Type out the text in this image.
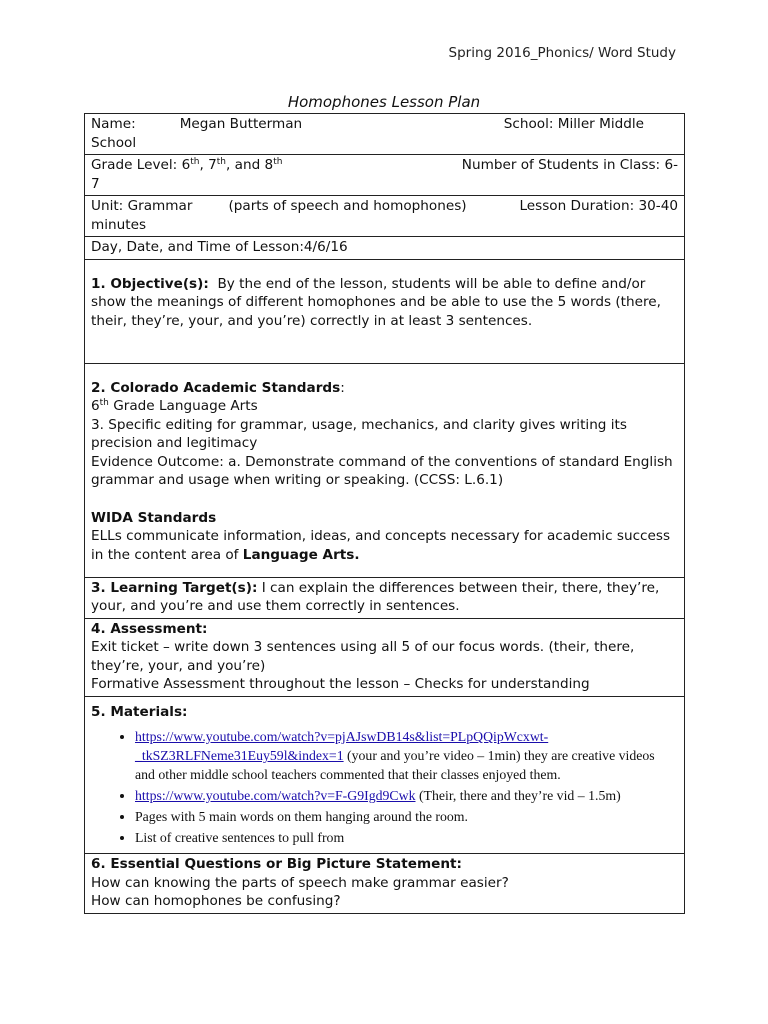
Spring 2016_Phonics/ Word Study
Homophones Lesson Plan
Name:	Megan Butterman	School: Miller Middle
School

Grade Level: 6th, 7th, and 8th	Number of Students in Class: 6-
7

Unit: Grammar	(parts of speech and homophones)	Lesson Duration: 30-40
minutes

Day, Date, and Time of Lesson:4/6/16

1. Objective(s): By the end of the lesson, students will be able to define and/or show the meanings of different homophones and be able to use the 5 words (there, their, they’re, your, and you’re) correctly in at least 3 sentences.

2. Colorado Academic Standards:
6th Grade Language Arts
3. Specific editing for grammar, usage, mechanics, and clarity gives writing its precision and legitimacy
Evidence Outcome: a. Demonstrate command of the conventions of standard English grammar and usage when writing or speaking. (CCSS: L.6.1)
WIDA Standards
ELLs communicate information, ideas, and concepts necessary for academic success in the content area of Language Arts.

3. Learning Target(s): I can explain the differences between their, there, they’re, your, and you’re and use them correctly in sentences.

4. Assessment:
Exit ticket – write down 3 sentences using all 5 of our focus words. (their, there, they’re, your, and you’re)
Formative Assessment throughout the lesson – Checks for understanding

5. Materials:
• https://www.youtube.com/watch?v=pjAJswDB14s&list=PLpQQipWcxwt-_tkSZ3RLFNeme31Euy59l&index=1 (your and you’re video – 1min) they are creative videos and other middle school teachers commented that their classes enjoyed them.
• https://www.youtube.com/watch?v=F-G9Igd9Cwk (Their, there and they’re vid – 1.5m)
• Pages with 5 main words on them hanging around the room.
• List of creative sentences to pull from

6. Essential Questions or Big Picture Statement:
How can knowing the parts of speech make grammar easier?
How can homophones be confusing?
